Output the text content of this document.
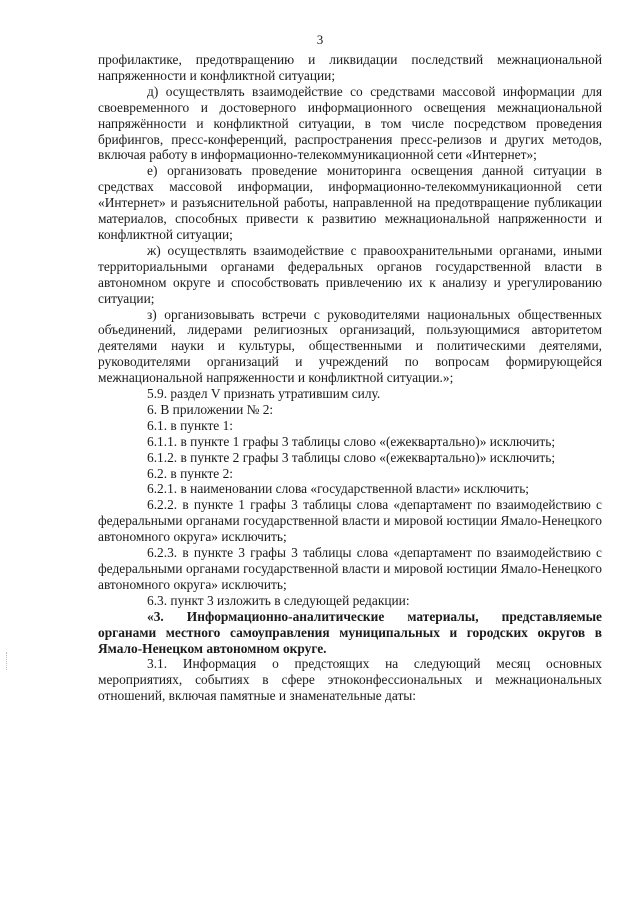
3

профилактике, предотвращению и ликвидации последствий межнациональной напряженности и конфликтной ситуации;

д) осуществлять взаимодействие со средствами массовой информации для своевременного и достоверного информационного освещения межнациональной напряжённости и конфликтной ситуации, в том числе посредством проведения брифингов, пресс-конференций, распространения пресс-релизов и других методов, включая работу в информационно-телекоммуникационной сети «Интернет»;

е) организовать проведение мониторинга освещения данной ситуации в средствах массовой информации, информационно-телекоммуникационной сети «Интернет» и разъяснительной работы, направленной на предотвращение публикации материалов, способных привести к развитию межнациональной напряженности и конфликтной ситуации;

ж) осуществлять взаимодействие с правоохранительными органами, иными территориальными органами федеральных органов государственной власти в автономном округе и способствовать привлечению их к анализу и урегулированию ситуации;

з) организовывать встречи с руководителями национальных общественных объединений, лидерами религиозных организаций, пользующимися авторитетом деятелями науки и культуры, общественными и политическими деятелями, руководителями организаций и учреждений по вопросам формирующейся межнациональной напряженности и конфликтной ситуации.»;

5.9. раздел V признать утратившим силу.

6. В приложении № 2:

6.1. в пункте 1:

6.1.1. в пункте 1 графы 3 таблицы слово «(ежеквартально)» исключить;

6.1.2. в пункте 2 графы 3 таблицы слово «(ежеквартально)» исключить;

6.2. в пункте 2:

6.2.1. в наименовании слова «государственной власти» исключить;

6.2.2. в пункте 1 графы 3 таблицы слова «департамент по взаимодействию с федеральными органами государственной власти и мировой юстиции Ямало-Ненецкого автономного округа» исключить;

6.2.3. в пункте 3 графы 3 таблицы слова «департамент по взаимодействию с федеральными органами государственной власти и мировой юстиции Ямало-Ненецкого автономного округа» исключить;

6.3. пункт 3 изложить в следующей редакции:

«3. Информационно-аналитические материалы, представляемые органами местного самоуправления муниципальных и городских округов в Ямало-Ненецком автономном округе.

3.1. Информация о предстоящих на следующий месяц основных мероприятиях, событиях в сфере этноконфессиональных и межнациональных отношений, включая памятные и знаменательные даты:
